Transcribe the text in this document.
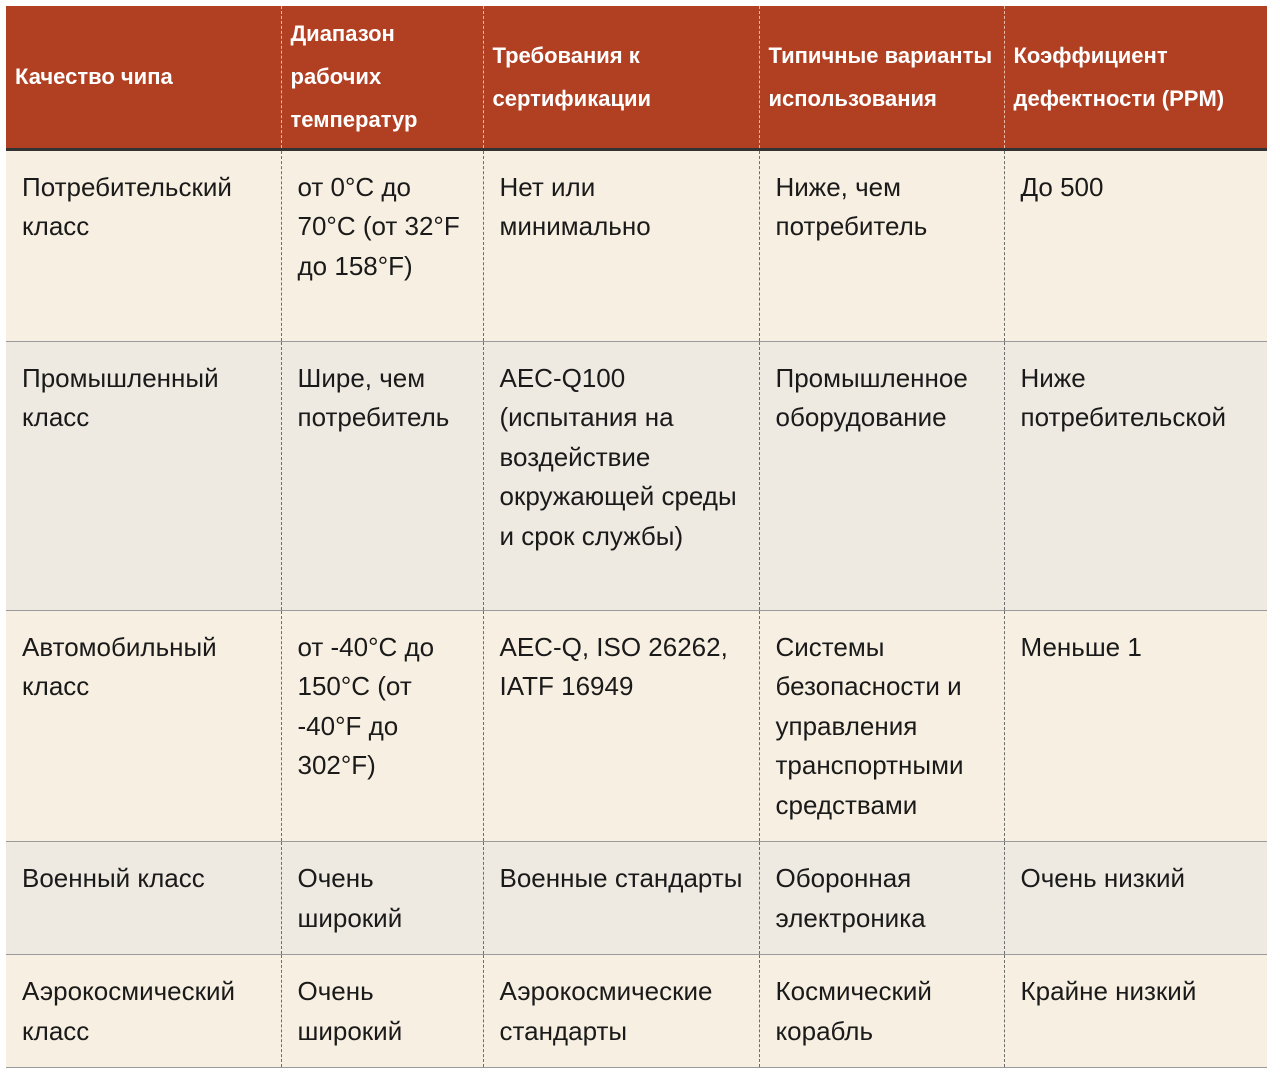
Качество чипа	Диапазон рабочих температур	Требования к сертификации	Типичные варианты использования	Коэффициент дефектности (PPM)
Потребительский класс	от 0°C до 70°C (от 32°F до 158°F)	Нет или минимально	Ниже, чем потребитель	До 500
Промышленный класс	Шире, чем потребитель	AEC-Q100 (испытания на воздействие окружающей среды и срок службы)	Промышленное оборудование	Ниже потребительской
Автомобильный класс	от -40°C до 150°C (от -40°F до 302°F)	AEC-Q, ISO 26262, IATF 16949	Системы безопасности и управления транспортными средствами	Меньше 1
Военный класс	Очень широкий	Военные стандарты	Оборонная электроника	Очень низкий
Аэрокосмический класс	Очень широкий	Аэрокосмические стандарты	Космический корабль	Крайне низкий
